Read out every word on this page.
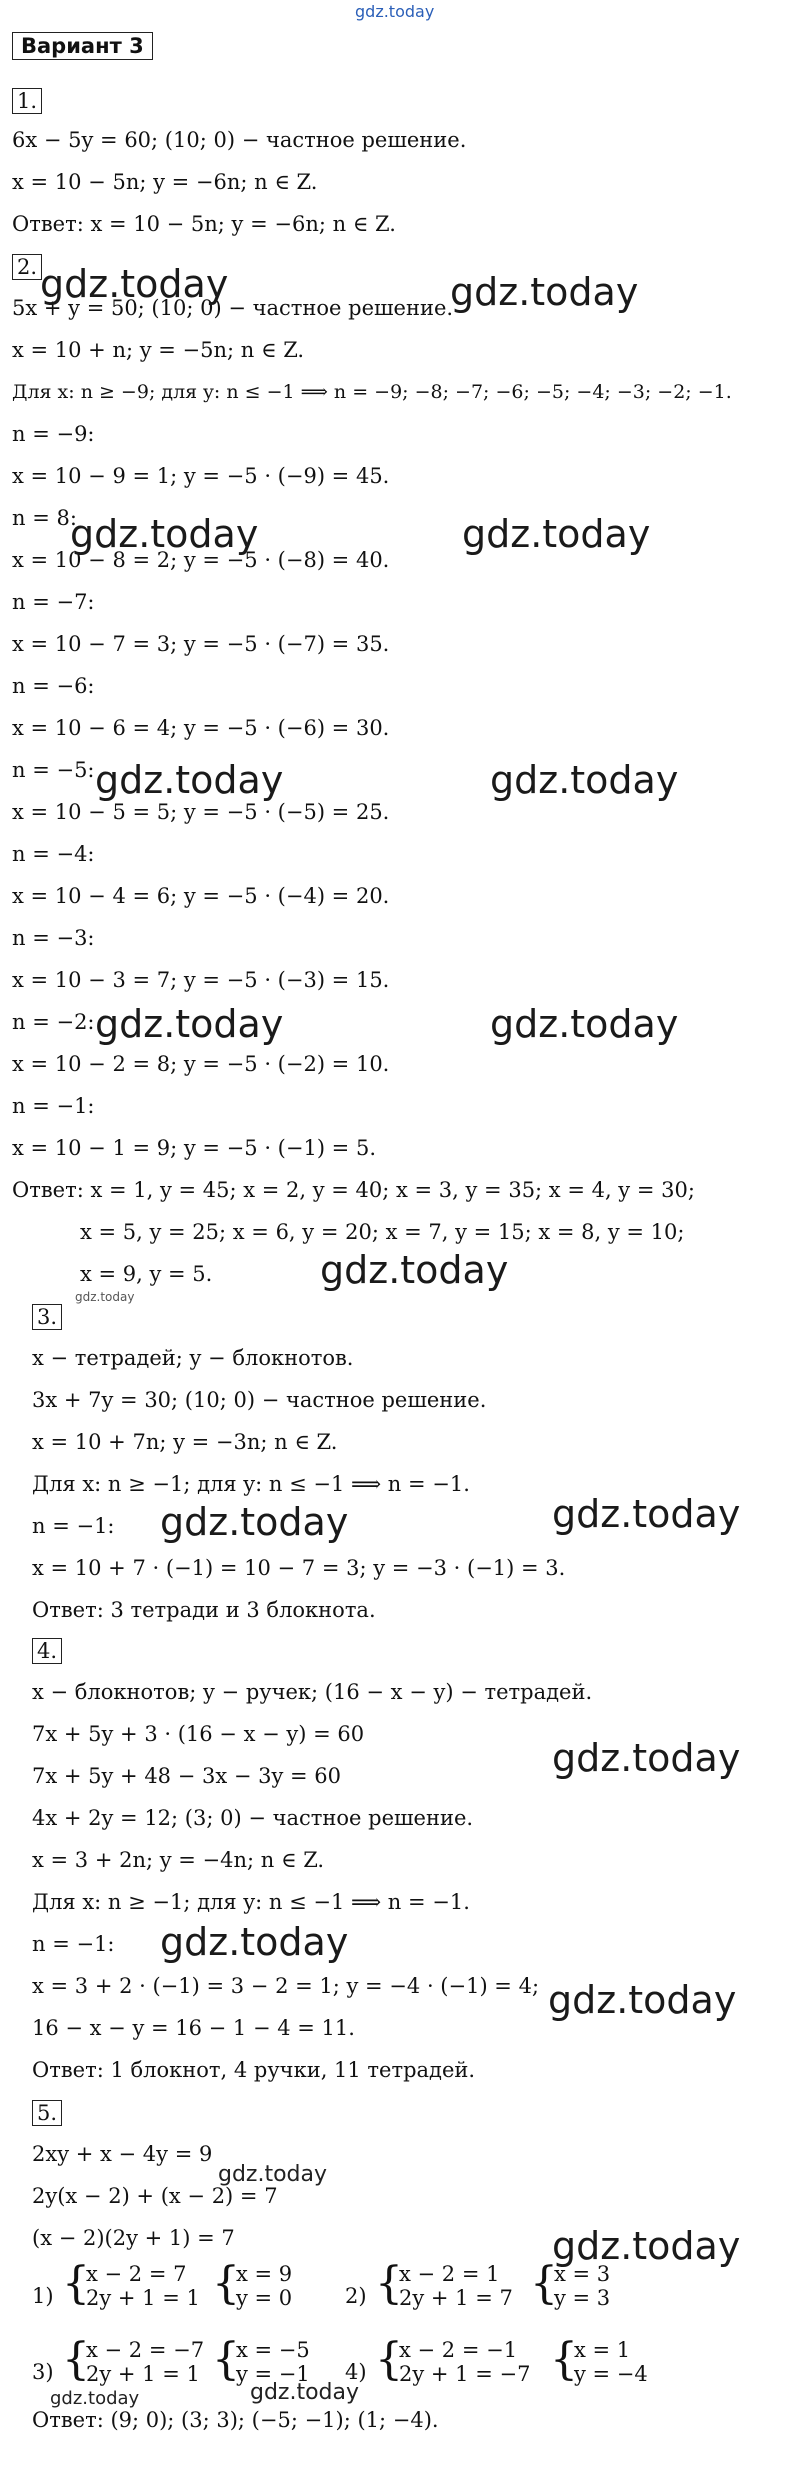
gdz.today
Вариант 3
1.
6x − 5y = 60; (10; 0) − частное решение.
x = 10 − 5n; y = −6n; n ∈ Z.
Ответ: x = 10 − 5n; y = −6n; n ∈ Z.
2.
5x + y = 50; (10; 0) − частное решение.
x = 10 + n; y = −5n; n ∈ Z.
Для x: n ≥ −9; для y: n ≤ −1 ⟹ n = −9; −8; −7; −6; −5; −4; −3; −2; −1.
n = −9:
x = 10 − 9 = 1; y = −5 · (−9) = 45.
n = 8:
x = 10 − 8 = 2; y = −5 · (−8) = 40.
n = −7:
x = 10 − 7 = 3; y = −5 · (−7) = 35.
n = −6:
x = 10 − 6 = 4; y = −5 · (−6) = 30.
n = −5:
x = 10 − 5 = 5; y = −5 · (−5) = 25.
n = −4:
x = 10 − 4 = 6; y = −5 · (−4) = 20.
n = −3:
x = 10 − 3 = 7; y = −5 · (−3) = 15.
n = −2:
x = 10 − 2 = 8; y = −5 · (−2) = 10.
n = −1:
x = 10 − 1 = 9; y = −5 · (−1) = 5.
Ответ: x = 1, y = 45; x = 2, y = 40; x = 3, y = 35; x = 4, y = 30;
x = 5, y = 25; x = 6, y = 20; x = 7, y = 15; x = 8, y = 10;
x = 9, y = 5.
3.
x − тетрадей; y − блокнотов.
3x + 7y = 30; (10; 0) − частное решение.
x = 10 + 7n; y = −3n; n ∈ Z.
Для x: n ≥ −1; для y: n ≤ −1 ⟹ n = −1.
n = −1:
x = 10 + 7 · (−1) = 10 − 7 = 3; y = −3 · (−1) = 3.
Ответ: 3 тетради и 3 блокнота.
4.
x − блокнотов; y − ручек; (16 − x − y) − тетрадей.
7x + 5y + 3 · (16 − x − y) = 60
7x + 5y + 48 − 3x − 3y = 60
4x + 2y = 12; (3; 0) − частное решение.
x = 3 + 2n; y = −4n; n ∈ Z.
Для x: n ≥ −1; для y: n ≤ −1 ⟹ n = −1.
n = −1:
x = 3 + 2 · (−1) = 3 − 2 = 1; y = −4 · (−1) = 4;
16 − x − y = 16 − 1 − 4 = 11.
Ответ: 1 блокнот, 4 ручки, 11 тетрадей.
5.
2xy + x − 4y = 9
2y(x − 2) + (x − 2) = 7
(x − 2)(2y + 1) = 7
1) {
x − 2 = 7
2y + 1 = 1 {
x = 9
y = 0	2) {
x − 2 = 1
2y + 1 = 7 {
x = 3
y = 3
3) {
x − 2 = −7
2y + 1 = 1 {
x = −5
y = −1 4) {
x − 2 = −1
2y + 1 = −7 {
x = 1
y = −4
Ответ: (9; 0); (3; 3); (−5; −1); (1; −4).
gdz.today	gdz.today
gdz.today	gdz.today
gdz.today	gdz.today
gdz.today	gdz.today
gdz.today
gdz.today
gdz.today	gdz.today
gdz.today
gdz.today
gdz.today
gdz.today
gdz.today
gdz.today
gdz.today
